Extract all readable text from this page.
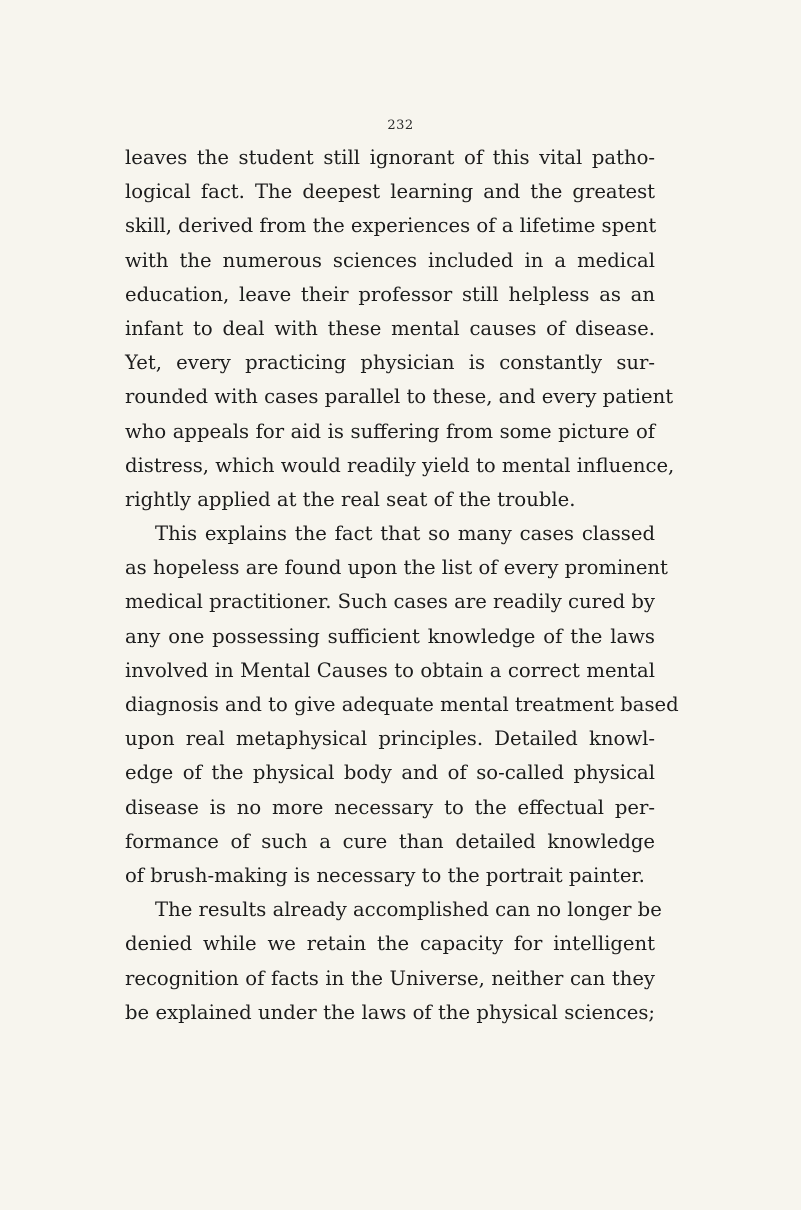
232
leaves the student still ignorant of this vital patho-
logical fact. The deepest learning and the greatest
skill, derived from the experiences of a lifetime spent
with the numerous sciences included in a medical
education, leave their professor still helpless as an
infant to deal with these mental causes of disease.
Yet, every practicing physician is constantly sur-
rounded with cases parallel to these, and every patient
who appeals for aid is suffering from some picture of
distress, which would readily yield to mental influence,
rightly applied at the real seat of the trouble.
This explains the fact that so many cases classed
as hopeless are found upon the list of every prominent
medical practitioner. Such cases are readily cured by
any one possessing sufficient knowledge of the laws
involved in Mental Causes to obtain a correct mental
diagnosis and to give adequate mental treatment based
upon real metaphysical principles. Detailed knowl-
edge of the physical body and of so-called physical
disease is no more necessary to the effectual per-
formance of such a cure than detailed knowledge
of brush-making is necessary to the portrait painter.
The results already accomplished can no longer be
denied while we retain the capacity for intelligent
recognition of facts in the Universe, neither can they
be explained under the laws of the physical sciences;
